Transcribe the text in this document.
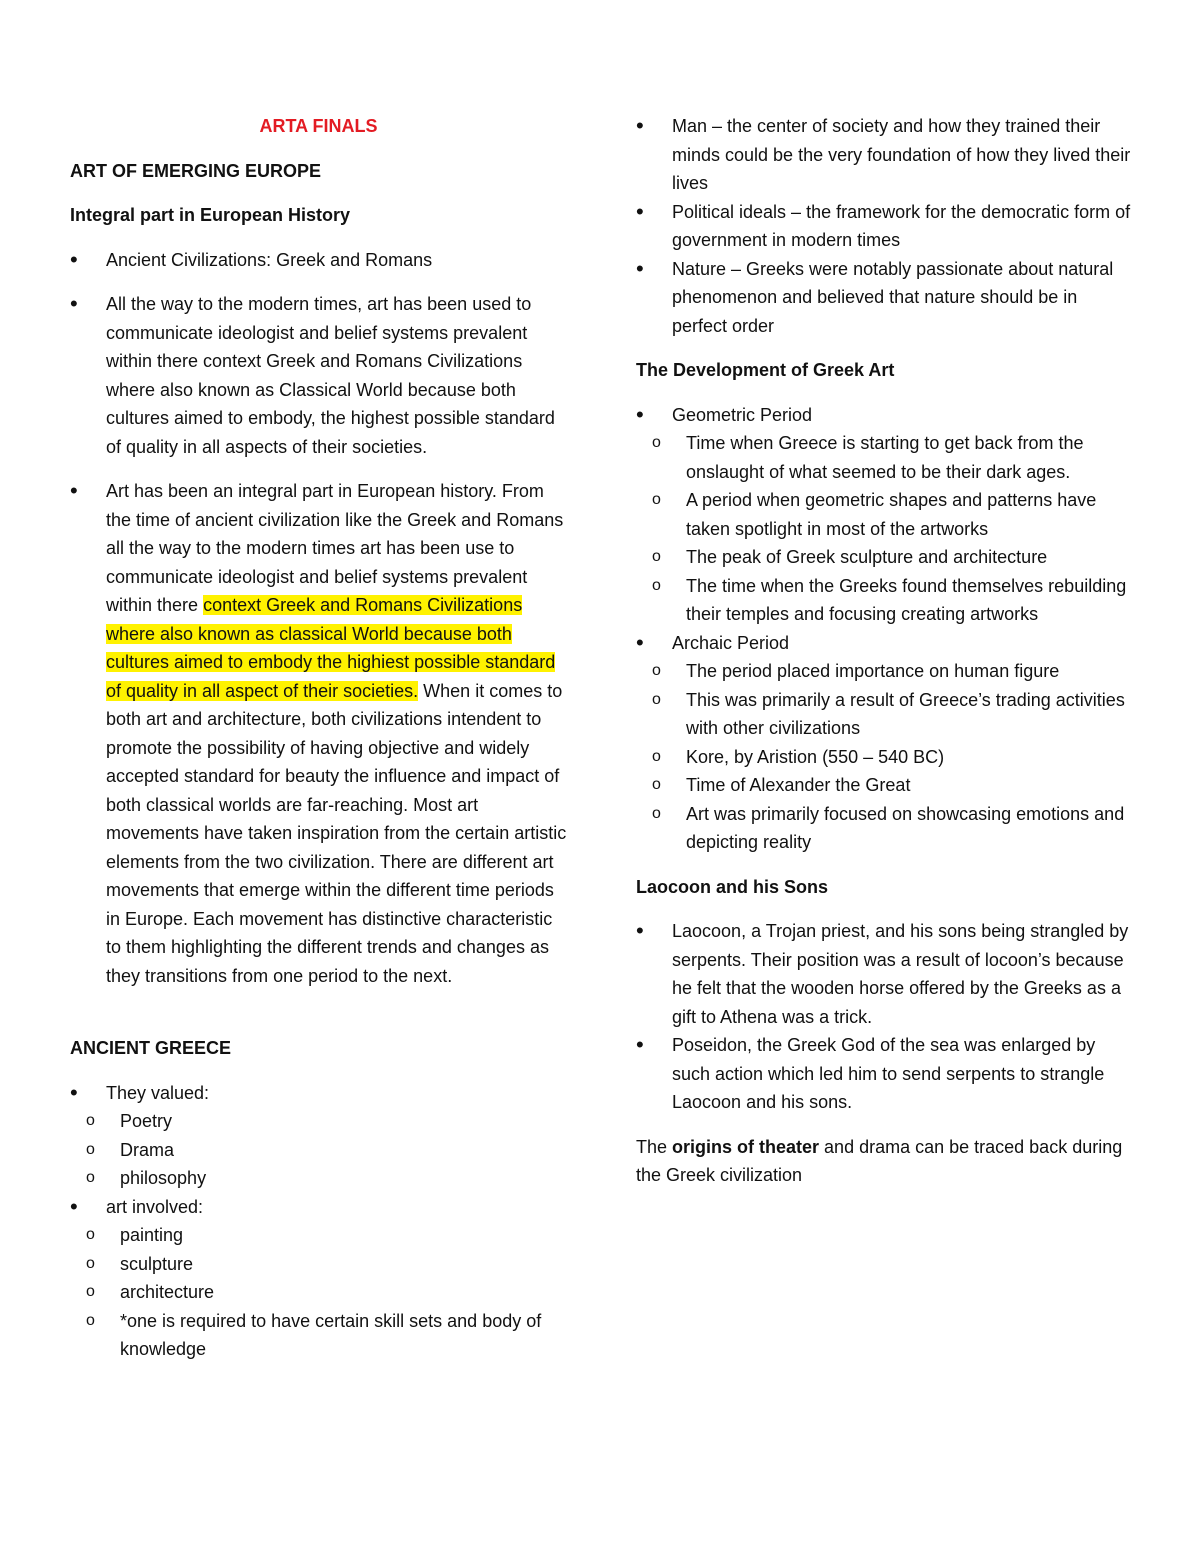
ARTA FINALS

ART OF EMERGING EUROPE

Integral part in European History

• Ancient Civilizations: Greek and Romans
• All the way to the modern times, art has been used to communicate ideologist and belief systems prevalent within there context Greek and Romans Civilizations where also known as Classical World because both cultures aimed to embody, the highest possible standard of quality in all aspects of their societies.
• Art has been an integral part in European history. From the time of ancient civilization like the Greek and Romans all the way to the modern times art has been use to communicate ideologist and belief systems prevalent within there context Greek and Romans Civilizations where also known as classical World because both cultures aimed to embody the highiest possible standard of quality in all aspect of their societies. When it comes to both art and architecture, both civilizations intendent to promote the possibility of having objective and widely accepted standard for beauty the influence and impact of both classical worlds are far-reaching. Most art movements have taken inspiration from the certain artistic elements from the two civilization. There are different art movements that emerge within the different time periods in Europe. Each movement has distinctive characteristic to them highlighting the different trends and changes as they transitions from one period to the next.

ANCIENT GREECE

• They valued:
o Poetry
o Drama
o philosophy
• art involved:
o painting
o sculpture
o architecture
o *one is required to have certain skill sets and body of knowledge
• Man – the center of society and how they trained their minds could be the very foundation of how they lived their lives
• Political ideals – the framework for the democratic form of government in modern times
• Nature – Greeks were notably passionate about natural phenomenon and believed that nature should be in perfect order

The Development of Greek Art

• Geometric Period
o Time when Greece is starting to get back from the onslaught of what seemed to be their dark ages.
o A period when geometric shapes and patterns have taken spotlight in most of the artworks
o The peak of Greek sculpture and architecture
o The time when the Greeks found themselves rebuilding their temples and focusing creating artworks
• Archaic Period
o The period placed importance on human figure
o This was primarily a result of Greece’s trading activities with other civilizations
o Kore, by Aristion (550 – 540 BC)
o Time of Alexander the Great
o Art was primarily focused on showcasing emotions and depicting reality

Laocoon and his Sons

• Laocoon, a Trojan priest, and his sons being strangled by serpents. Their position was a result of locoon’s because he felt that the wooden horse offered by the Greeks as a gift to Athena was a trick.
• Poseidon, the Greek God of the sea was enlarged by such action which led him to send serpents to strangle Laocoon and his sons.

The origins of theater and drama can be traced back during the Greek civilization
